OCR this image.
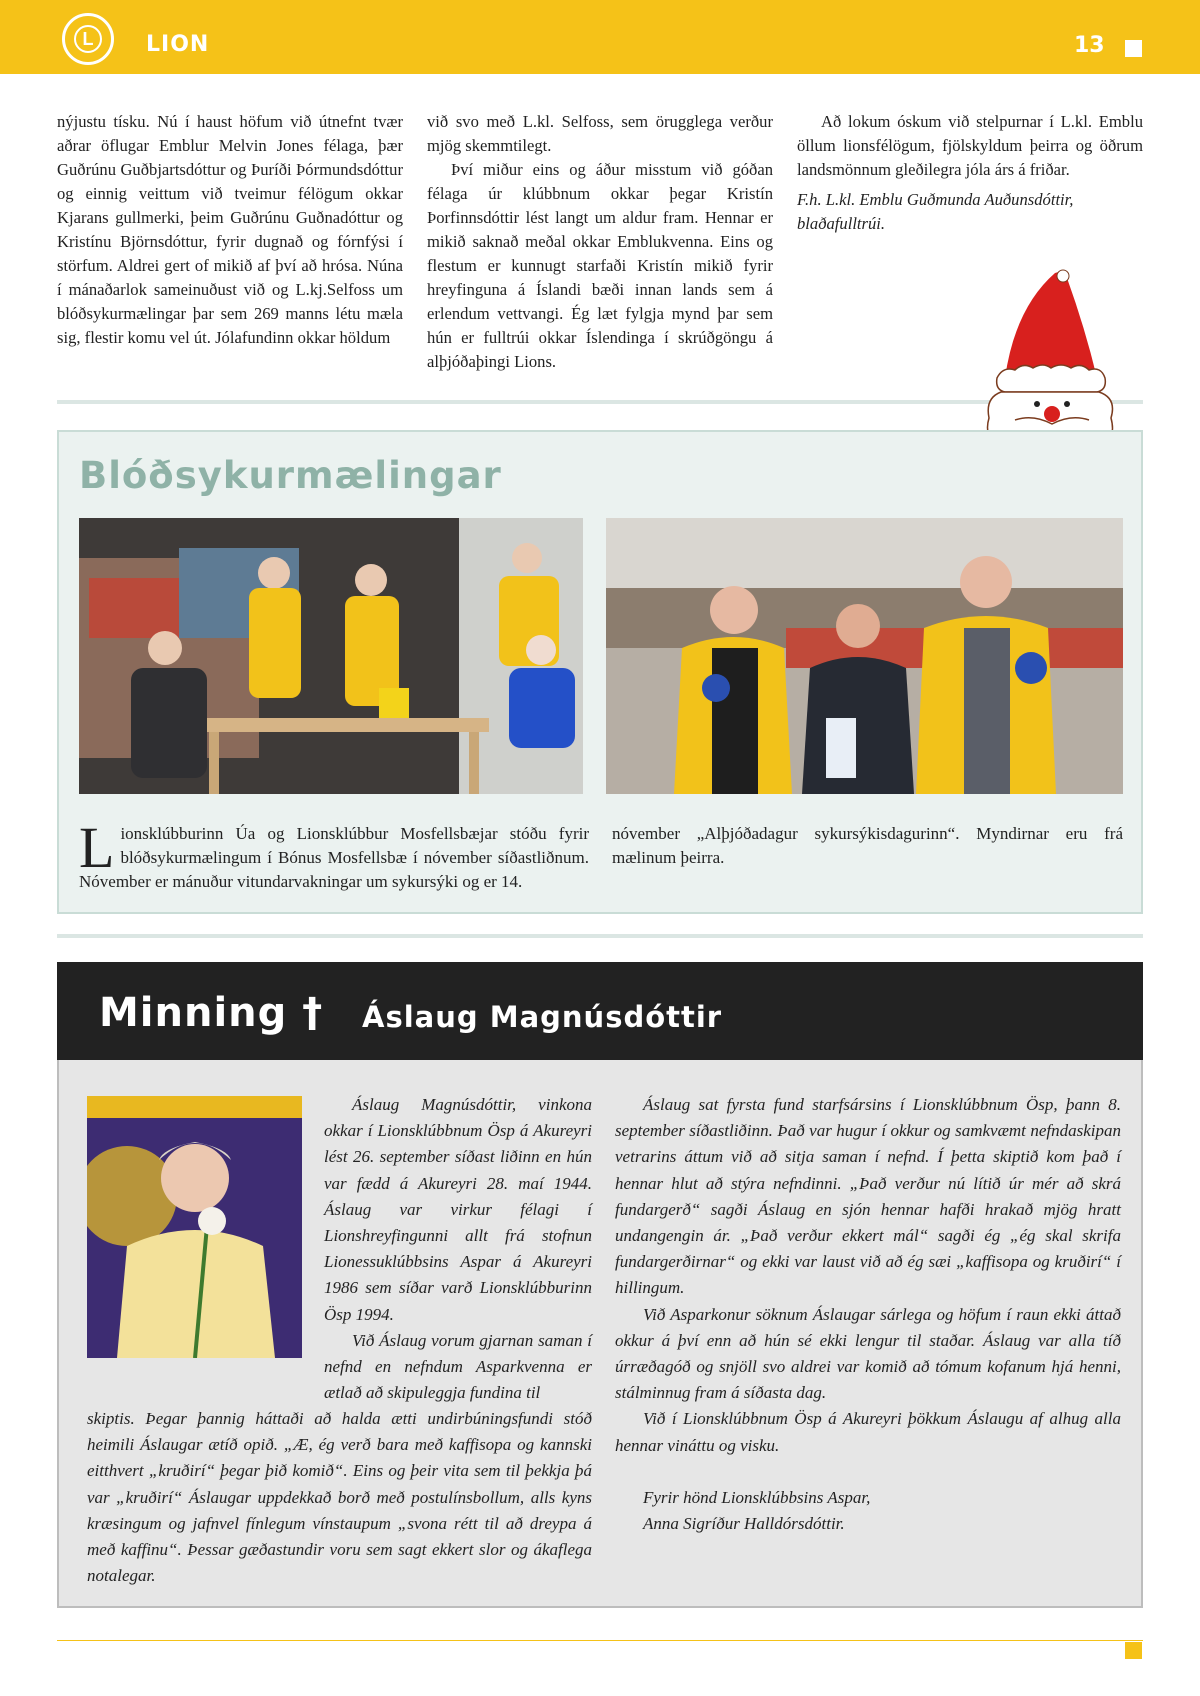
L	LION	13

nýjustu tísku. Nú í haust höfum við útnefnt tvær aðrar öflugar Emblur Melvin Jones félaga, þær Guðrúnu Guðbjartsdóttur og Þuríði Þórmundsdóttur og einnig veittum við tveimur félögum okkar Kjarans gullmerki, þeim Guðrúnu Guðnadóttur og Kristínu Björnsdóttur, fyrir dugnað og fórnfýsi í störfum. Aldrei gert of mikið af því að hrósa. Núna í mánaðarlok sameinuðust við og L.kj.Selfoss um blóðsykurmælingar þar sem 269 manns létu mæla sig, flestir komu vel út. Jólafundinn okkar höldum

við svo með L.kl. Selfoss, sem örugglega verður mjög skemmtilegt.

Því miður eins og áður misstum við góðan félaga úr klúbbnum okkar þegar Kristín Þorfinnsdóttir lést langt um aldur fram. Hennar er mikið saknað meðal okkar Emblukvenna. Eins og flestum er kunnugt starfaði Kristín mikið fyrir hreyfinguna á Íslandi bæði innan lands sem á erlendum vettvangi. Ég læt fylgja mynd þar sem hún er fulltrúi okkar Íslendinga í skrúðgöngu á alþjóðaþingi Lions.

Að lokum óskum við stelpurnar í L.kl. Emblu öllum lionsfélögum, fjölskyldum þeirra og öðrum landsmönnum gleðilegra jóla árs á friðar.

F.h. L.kl. Emblu Guðmunda Auðunsdóttir,
blaðafulltrúi.

Blóðsykurmælingar
L ionsklúbburinn Úa og Lionsklúbbur Mosfellsbæjar stóðu fyrir blóðsykurmælingum í Bónus Mosfellsbæ í nóvember síðastliðnum. Nóvember er mánuður vitundarvakningar um sykursýki og er 14.
nóvember „Alþjóðadagur sykursýkisdagurinn“. Myndirnar eru frá mælinum þeirra.
Minning † Áslaug Magnúsdóttir

Áslaug Magnúsdóttir, vinkona okkar í Lionsklúbbnum Ösp á Akureyri lést 26. september síðast liðinn en hún var fædd á Akureyri 28. maí 1944. Áslaug var virkur félagi í Lionshreyfingunni allt frá stofnun Lionessuklúbbsins Aspar á Akureyri 1986 sem síðar varð Lionsklúbburinn Ösp 1994.

Við Áslaug vorum gjarnan saman í nefnd en nefndum Asparkvenna er ætlað að skipuleggja fundina til

skiptis. Þegar þannig háttaði að halda ætti undirbúningsfundi stóð heimili Áslaugar ætíð opið. „Æ, ég verð bara með kaffisopa og kannski eitthvert „kruðirí“ þegar þið komið“. Eins og þeir vita sem til þekkja þá var „kruðirí“ Áslaugar uppdekkað borð með postulínsbollum, alls kyns kræsingum og jafnvel fínlegum vínstaupum „svona rétt til að dreypa á með kaffinu“. Þessar gæðastundir voru sem sagt ekkert slor og ákaflega notalegar.

Áslaug sat fyrsta fund starfsársins í Lionsklúbbnum Ösp, þann 8. september síðastliðinn. Það var hugur í okkur og samkvæmt nefndaskipan vetrarins áttum við að sitja saman í nefnd. Í þetta skiptið kom það í hennar hlut að stýra nefndinni. „Það verður nú lítið úr mér að skrá fundargerð“ sagði Áslaug en sjón hennar hafði hrakað mjög hratt undangengin ár. „Það verður ekkert mál“ sagði ég „ég skal skrifa fundargerðirnar“ og ekki var laust við að ég sæi „kaffisopa og kruðirí“ í hillingum.

Við Asparkonur söknum Áslaugar sárlega og höfum í raun ekki áttað okkur á því enn að hún sé ekki lengur til staðar. Áslaug var alla tíð úrræðagóð og snjöll svo aldrei var komið að tómum kofanum hjá henni, stálminnug fram á síðasta dag.

Við í Lionsklúbbnum Ösp á Akureyri þökkum Áslaugu af alhug alla hennar vináttu og visku.

Fyrir hönd Lionsklúbbsins Aspar,
Anna Sigríður Halldórsdóttir.
